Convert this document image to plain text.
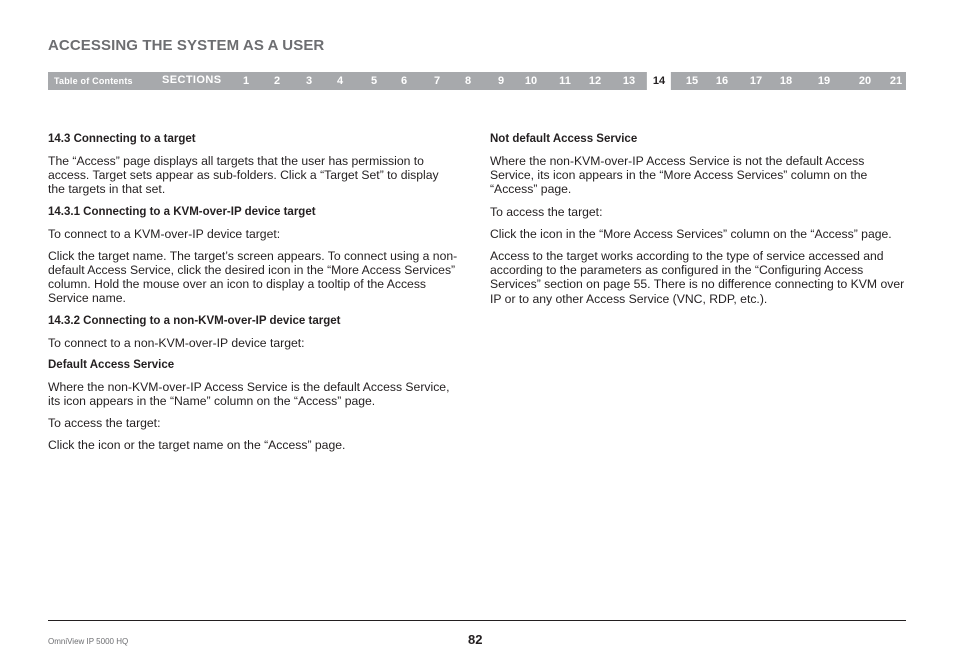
ACCESSING THE SYSTEM AS A USER
Table of Contents	SECTIONS 1 2 3 4	5 6 7 8 9 10 11 12 13	14	15 16 17 18 19	20 21
14.3 Connecting to a target

The “Access” page displays all targets that the user has permission to access. Target sets appear as sub-folders. Click a “Target Set” to display the targets in that set.

14.3.1 Connecting to a KVM-over-IP device target

To connect to a KVM-over-IP device target:

Click the target name. The target’s screen appears. To connect using a non-default Access Service, click the desired icon in the “More Access Services” column. Hold the mouse over an icon to display a tooltip of the Access Service name.

14.3.2 Connecting to a non-KVM-over-IP device target

To connect to a non-KVM-over-IP device target:

Default Access Service

Where the non-KVM-over-IP Access Service is the default Access Service, its icon appears in the “Name” column on the “Access” page.

To access the target:

Click the icon or the target name on the “Access” page.

Not default Access Service

Where the non-KVM-over-IP Access Service is not the default Access Service, its icon appears in the “More Access Services” column on the “Access” page.

To access the target:

Click the icon in the “More Access Services” column on the “Access” page.

Access to the target works according to the type of service accessed and according to the parameters as configured in the “Configuring Access Services” section on page 55. There is no difference connecting to KVM over IP or to any other Access Service (VNC, RDP, etc.).

OmniView IP 5000 HQ	82
